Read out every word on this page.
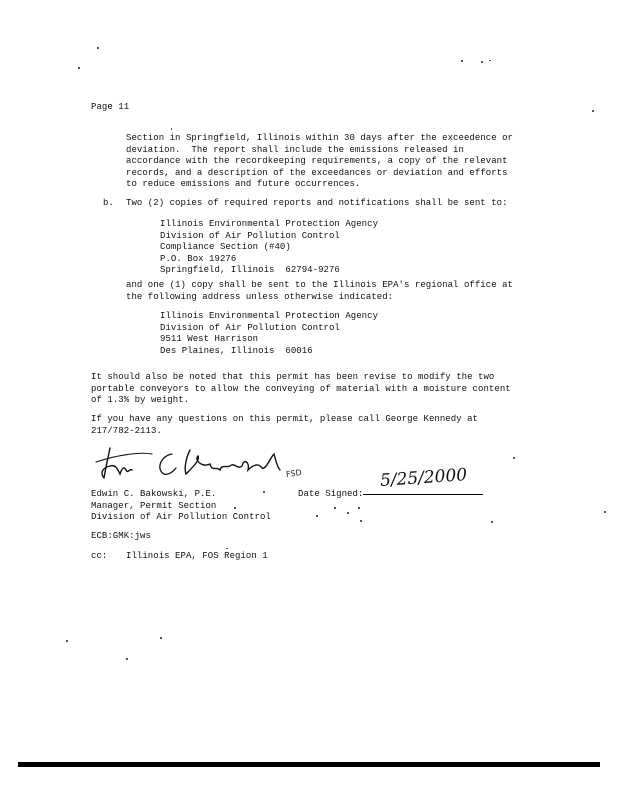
Page 11
Section in Springfield, Illinois within 30 days after the exceedence or
deviation.  The report shall include the emissions released in
accordance with the recordkeeping requirements, a copy of the relevant
records, and a description of the exceedances or deviation and efforts
to reduce emissions and future occurrences.
b. Two (2) copies of required reports and notifications shall be sent to:
Illinois Environmental Protection Agency
Division of Air Pollution Control
Compliance Section (#40)
P.O. Box 19276
Springfield, Illinois  62794-9276
and one (1) copy shall be sent to the Illinois EPA's regional office at
the following address unless otherwise indicated:
Illinois Environmental Protection Agency
Division of Air Pollution Control
9511 West Harrison
Des Plaines, Illinois  60016
It should also be noted that this permit has been revise to modify the two
portable conveyors to allow the conveying of material with a moisture content
of 1.3% by weight.
If you have any questions on this permit, please call George Kennedy at
217/782-2113.
FSD	5/25/2000
Edwin C. Bakowski, P.E.	Date Signed:
Manager, Permit Section
Division of Air Pollution Control
ECB:GMK:jws
cc: Illinois EPA, FOS Region 1
